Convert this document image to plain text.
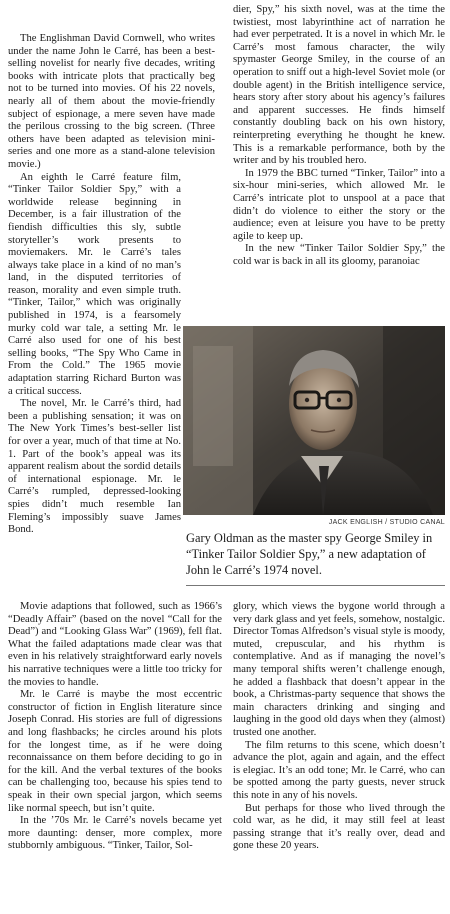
The Englishman David Cornwell, who writes under the name John le Carré, has been a best-selling novelist for nearly five decades, writing books with intricate plots that practically beg not to be turned into movies. Of his 22 novels, nearly all of them about the movie-friendly subject of espionage, a mere seven have made the perilous crossing to the big screen. (Three others have been adapted as television mini-series and one more as a stand-alone television movie.)

An eighth le Carré feature film, “Tinker Tailor Soldier Spy,” with a worldwide release beginning in December, is a fair illustration of the fiendish difficulties this sly, subtle storyteller’s work presents to moviemakers. Mr. le Carré’s tales always take place in a kind of no man’s land, in the disputed territories of reason, morality and even simple truth. “Tinker, Tailor,” which was originally published in 1974, is a fearsomely murky cold war tale, a setting Mr. le Carré also used for one of his best selling books, “The Spy Who Came in From the Cold.” The 1965 movie adaptation starring Richard Burton was a critical success.

The novel, Mr. le Carré’s third, had been a publishing sensation; it was on The New York Times’s best-seller list for over a year, much of that time at No. 1. Part of the book’s appeal was its apparent realism about the sordid details of international espionage. Mr. le Carré’s rumpled, depressed-looking spies didn’t much resemble Ian Fleming’s impossibly suave James Bond.

dier, Spy,” his sixth novel, was at the time the twistiest, most labyrinthine act of narration he had ever perpetrated. It is a novel in which Mr. le Carré’s most famous character, the wily spymaster George Smiley, in the course of an operation to sniff out a high-level Soviet mole (or double agent) in the British intelligence service, hears story after story about his agency’s failures and apparent successes. He finds himself constantly doubling back on his own history, reinterpreting everything he thought he knew. This is a remarkable performance, both by the writer and by his troubled hero.

In 1979 the BBC turned “Tinker, Tailor” into a six-hour mini-series, which allowed Mr. le Carré’s intricate plot to unspool at a pace that didn’t do violence to either the story or the audience; even at leisure you have to be pretty agile to keep up.

In the new “Tinker Tailor Soldier Spy,” the cold war is back in all its gloomy, paranoiac

JACK ENGLISH / STUDIO CANAL
Gary Oldman as the master spy George Smiley in “Tinker Tailor Soldier Spy,” a new adaptation of John le Carré’s 1974 novel.

Movie adaptions that followed, such as 1966’s “Deadly Affair” (based on the novel “Call for the Dead”) and “Looking Glass War” (1969), fell flat. What the failed adaptations made clear was that even in his relatively straightforward early novels his narrative techniques were a little too tricky for the movies to handle.

Mr. le Carré is maybe the most eccentric constructor of fiction in English literature since Joseph Conrad. His stories are full of digressions and long flashbacks; he circles around his plots for the longest time, as if he were doing reconnaissance on them before deciding to go in for the kill. And the verbal textures of the books can be challenging too, because his spies tend to speak in their own special jargon, which seems like normal speech, but isn’t quite.

In the ’70s Mr. le Carré’s novels became yet more daunting: denser, more complex, more stubbornly ambiguous. “Tinker, Tailor, Sol-

glory, which views the bygone world through a very dark glass and yet feels, somehow, nostalgic. Director Tomas Alfredson’s visual style is moody, muted, crepuscular, and his rhythm is contemplative. And as if managing the novel’s many temporal shifts weren’t challenge enough, he added a flashback that doesn’t appear in the book, a Christmas-party sequence that shows the main characters drinking and singing and laughing in the good old days when they (almost) trusted one another.

The film returns to this scene, which doesn’t advance the plot, again and again, and the effect is elegiac. It’s an odd tone; Mr. le Carré, who can be spotted among the party guests, never struck this note in any of his novels.

But perhaps for those who lived through the cold war, as he did, it may still feel at least passing strange that it’s really over, dead and gone these 20 years.
